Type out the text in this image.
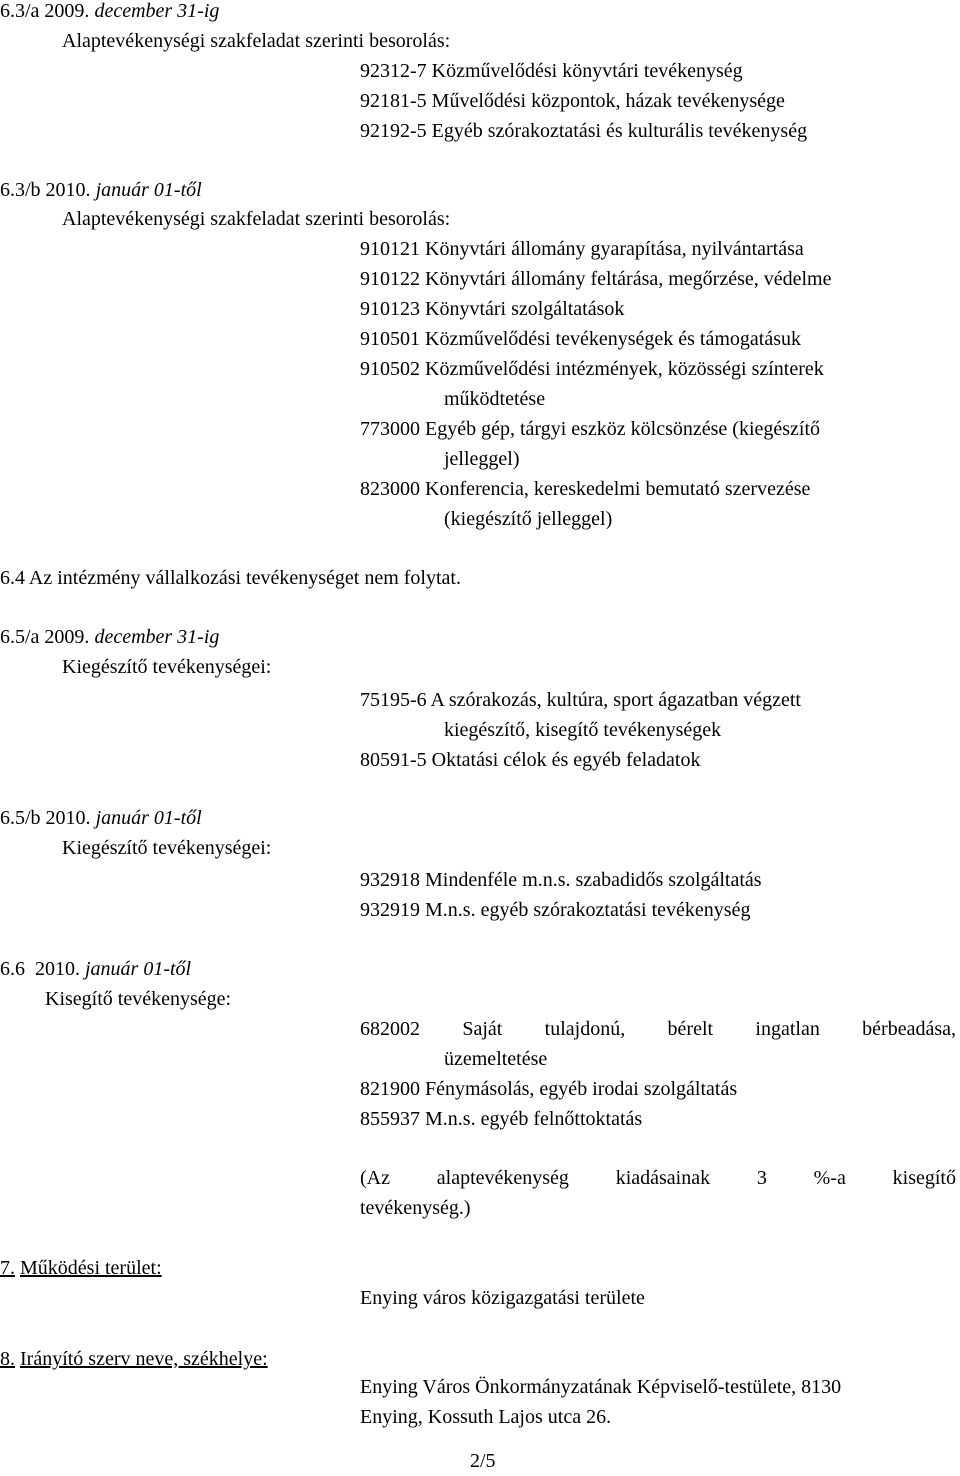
6.3/a 2009. december 31-ig
Alaptevékenységi szakfeladat szerinti besorolás:
92312-7 Közművelődési könyvtári tevékenység
92181-5 Művelődési központok, házak tevékenysége
92192-5 Egyéb szórakoztatási és kulturális tevékenység
6.3/b 2010. január 01-től
Alaptevékenységi szakfeladat szerinti besorolás:
910121 Könyvtári állomány gyarapítása, nyilvántartása
910122 Könyvtári állomány feltárása, megőrzése, védelme
910123 Könyvtári szolgáltatások
910501 Közművelődési tevékenységek és támogatásuk
910502 Közművelődési intézmények, közösségi színterek
működtetése
773000 Egyéb gép, tárgyi eszköz kölcsönzése (kiegészítő
jelleggel)
823000 Konferencia, kereskedelmi bemutató szervezése
(kiegészítő jelleggel)
6.4 Az intézmény vállalkozási tevékenységet nem folytat.
6.5/a 2009. december 31-ig
Kiegészítő tevékenységei:
75195-6 A szórakozás, kultúra, sport ágazatban végzett
kiegészítő, kisegítő tevékenységek
80591-5 Oktatási célok és egyéb feladatok
6.5/b 2010. január 01-től
Kiegészítő tevékenységei:
932918 Mindenféle m.n.s. szabadidős szolgáltatás
932919 M.n.s. egyéb szórakoztatási tevékenység
6.6  2010. január 01-től
Kisegítő tevékenysége:
682002 Saját tulajdonú, bérelt ingatlan bérbeadása,
üzemeltetése
821900 Fénymásolás, egyéb irodai szolgáltatás
855937 M.n.s. egyéb felnőttoktatás
(Az alaptevékenység kiadásainak 3 %-a kisegítő
tevékenység.)
7. Működési terület:
Enying város közigazgatási területe
8. Irányító szerv neve, székhelye:
Enying Város Önkormányzatának Képviselő-testülete, 8130
Enying, Kossuth Lajos utca 26.
2/5
